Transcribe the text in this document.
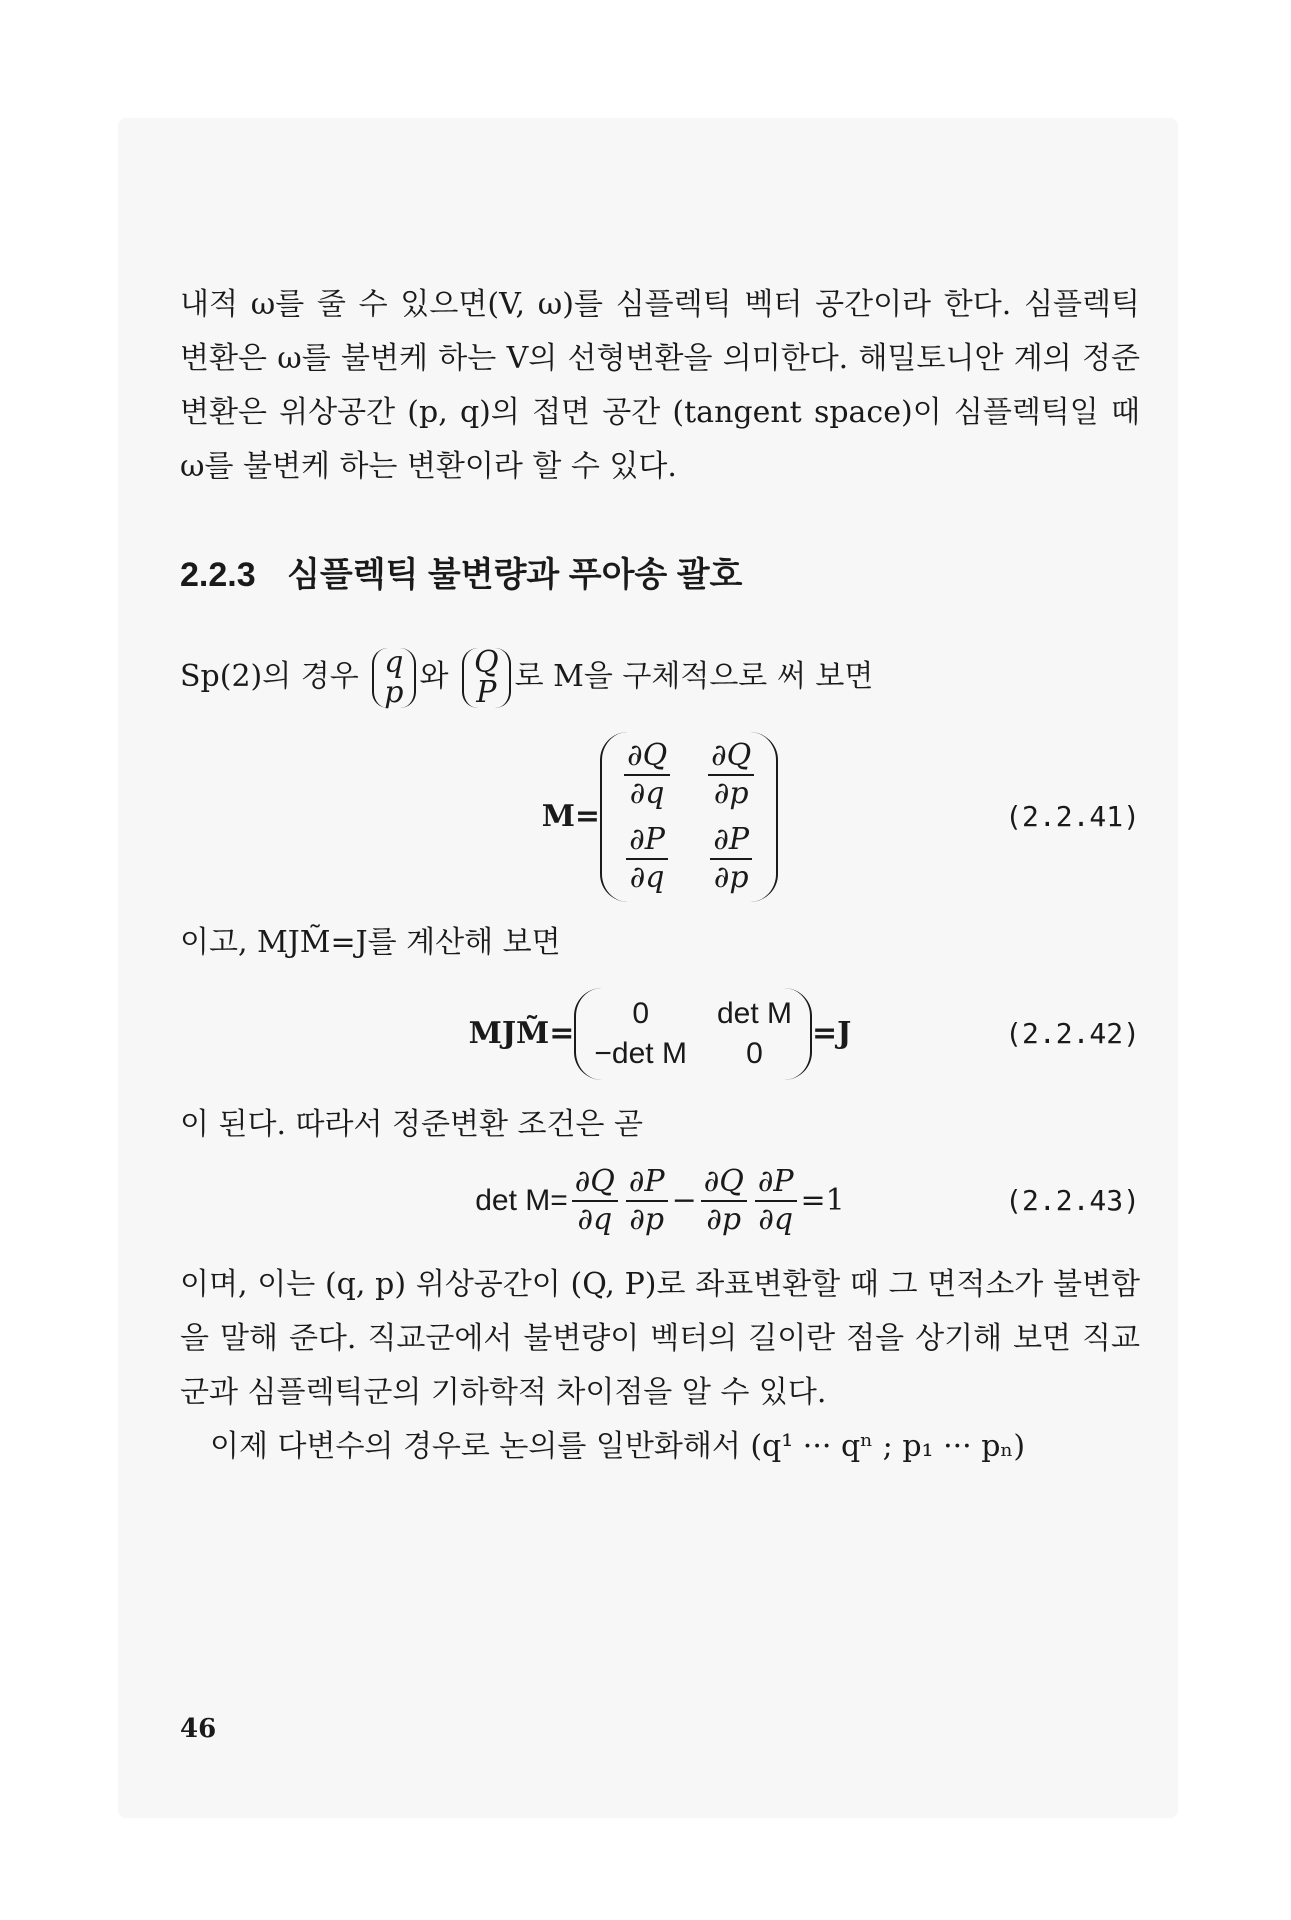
내적 ω를 줄 수 있으면(V, ω)를 심플렉틱 벡터 공간이라 한다. 심플렉틱 변환은 ω를 불변케 하는 V의 선형변환을 의미한다. 해밀토니안 계의 정준변환은 위상공간 (p, q)의 접면 공간 (tangent space)이 심플렉틱일 때 ω를 불변케 하는 변환이라 할 수 있다.

2.2.3 심플렉틱 불변량과 푸아송 괄호

Sp(2)의 경우 q
p 와 Q
P 로 M을 구체적으로 써 보면

M=
$\frac{\partial Q}{\partial q} \frac{\partial Q}{\partial p}$
$\frac{\partial P}{\partial q} \frac{\partial P}{\partial p}$
(2.2.41)

이고, MJM̃=J를 계산해 보면

MJM̃=
0	det M
−det M	0
=J	(2.2.42)

이 된다. 따라서 정준변환 조건은 곧

$\det M= \frac{\partial Q}{\partial q} \frac{\partial P}{\partial p} - \frac{\partial Q}{\partial p} \frac{\partial P}{\partial q} =1$	(2.2.43)

이며, 이는 (q, p) 위상공간이 (Q, P)로 좌표변환할 때 그 면적소가 불변함을 말해 준다. 직교군에서 불변량이 벡터의 길이란 점을 상기해 보면 직교군과 심플렉틱군의 기하학적 차이점을 알 수 있다.

이제 다변수의 경우로 논의를 일반화해서 (q¹ ··· qⁿ ; p₁ ··· pₙ)

46
